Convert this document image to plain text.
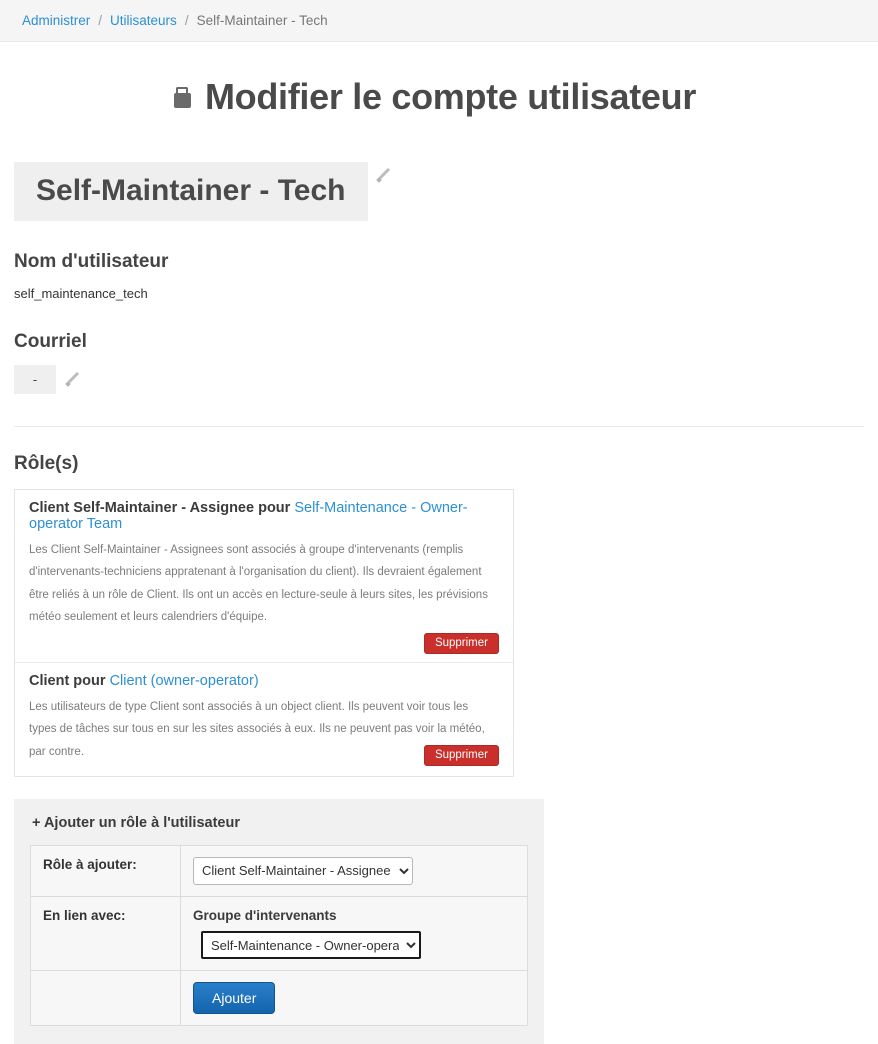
Administrer / Utilisateurs / Self-Maintainer - Tech
Modifier le compte utilisateur
Self-Maintainer - Tech
Nom d'utilisateur
self_maintenance_tech
Courriel
-
Rôle(s)
Client Self-Maintainer - Assignee pour Self-Maintenance - Owner-operator Team
Les Client Self-Maintainer - Assignees sont associés à groupe d'intervenants (remplis d'intervenants-techniciens appratenant à l'organisation du client). Ils devraient également être reliés à un rôle de Client. Ils ont un accès en lecture-seule à leurs sites, les prévisions météo seulement et leurs calendriers d'équipe.
Supprimer
Client pour Client (owner-operator)
Les utilisateurs de type Client sont associés à un object client. Ils peuvent voir tous les types de tâches sur tous en sur les sites associés à eux. Ils ne peuvent pas voir la météo, par contre.	Supprimer
+ Ajouter un rôle à l'utilisateur
Rôle à ajouter:	
Client Self-Maintainer - Assignee
En lien avec:	Groupe d'intervenants
Self-Maintenance - Owner-operator Team
	Ajouter
